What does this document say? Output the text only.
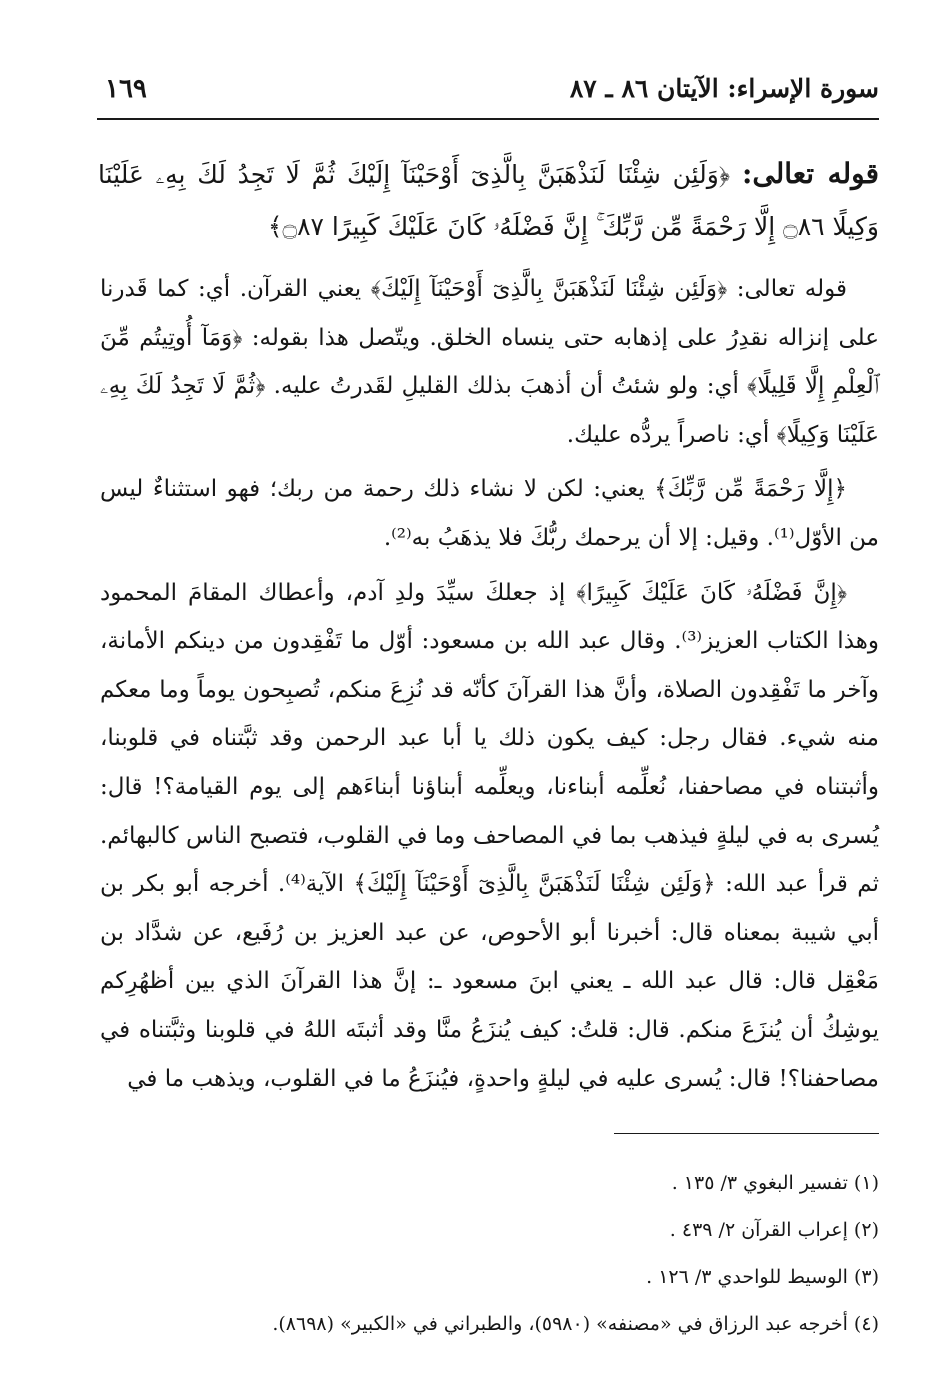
سورة الإسراء: الآيتان ٨٦ ـ ٨٧
١٦٩
قوله تعالى: ﴿وَلَئِن شِئْنَا لَنَذْهَبَنَّ بِالَّذِىٓ أَوْحَيْنَآ إِلَيْكَ ثُمَّ لَا تَجِدُ لَكَ بِهِۦ عَلَيْنَا وَكِيلًا ۝٨٦ إِلَّا رَحْمَةً مِّن رَّبِّكَ ۚ إِنَّ فَضْلَهُۥ كَانَ عَلَيْكَ كَبِيرًا ۝٨٧﴾

قوله تعالى: ﴿وَلَئِن شِئْنَا لَنَذْهَبَنَّ بِالَّذِىٓ أَوْحَيْنَآ إِلَيْكَ﴾ يعني القرآن. أي: كما قَدرنا على إنزاله نقدِرُ على إذهابه حتى ينساه الخلق. ويتّصل هذا بقوله: ﴿وَمَآ أُوتِيتُم مِّنَ ٱلْعِلْمِ إِلَّا قَلِيلًا﴾ أي: ولو شئتُ أن أذهبَ بذلك القليلِ لقَدرتُ عليه. ﴿ثُمَّ لَا تَجِدُ لَكَ بِهِۦ عَلَيْنَا وَكِيلًا﴾ أي: ناصراً يردُّه عليك.

﴿إِلَّا رَحْمَةً مِّن رَّبِّكَ﴾ يعني: لكن لا نشاء ذلك رحمة من ربك؛ فهو استثناءٌ ليس من الأوّل⁽¹⁾. وقيل: إلا أن يرحمك ربُّكَ فلا يذهَبُ به⁽²⁾.

﴿إِنَّ فَضْلَهُۥ كَانَ عَلَيْكَ كَبِيرًا﴾ إذ جعلكَ سيِّدَ ولدِ آدم، وأعطاك المقامَ المحمود وهذا الكتاب العزيز⁽³⁾. وقال عبد الله بن مسعود: أوّل ما تَفْقِدون من دينكم الأمانة، وآخر ما تَفْقِدون الصلاة، وأنَّ هذا القرآنَ كأنّه قد نُزِعَ منكم، تُصبِحون يوماً وما معكم منه شيء. فقال رجل: كيف يكون ذلك يا أبا عبد الرحمن وقد ثبَّتناه في قلوبنا، وأثبتناه في مصاحفنا، نُعلِّمه أبناءنا، ويعلِّمه أبناؤنا أبناءَهم إلى يوم القيامة؟! قال: يُسرى به في ليلةٍ فيذهب بما في المصاحف وما في القلوب، فتصبح الناس كالبهائم. ثم قرأ عبد الله: ﴿وَلَئِن شِئْنَا لَنَذْهَبَنَّ بِالَّذِىٓ أَوْحَيْنَآ إِلَيْكَ﴾ الآية⁽⁴⁾. أخرجه أبو بكر بن أبي شيبة بمعناه قال: أخبرنا أبو الأحوص، عن عبد العزيز بن رُفَيع، عن شدَّاد بن مَعْقِل قال: قال عبد الله ـ يعني ابنَ مسعود ـ: إنَّ هذا القرآنَ الذي بين أظهُرِكم يوشِكُ أن يُنزَعَ منكم. قال: قلتُ: كيف يُنزَعُ منَّا وقد أثبتَه اللهُ في قلوبنا وثبَّتناه في مصاحفنا؟! قال: يُسرى عليه في ليلةٍ واحدةٍ، فيُنزَعُ ما في القلوب، ويذهب ما في

(١) تفسير البغوي ٣/ ١٣٥ .
(٢) إعراب القرآن ٢/ ٤٣٩ .
(٣) الوسيط للواحدي ٣/ ١٢٦ .
(٤) أخرجه عبد الرزاق في «مصنفه» (٥٩٨٠)، والطبراني في «الكبير» (٨٦٩٨).
